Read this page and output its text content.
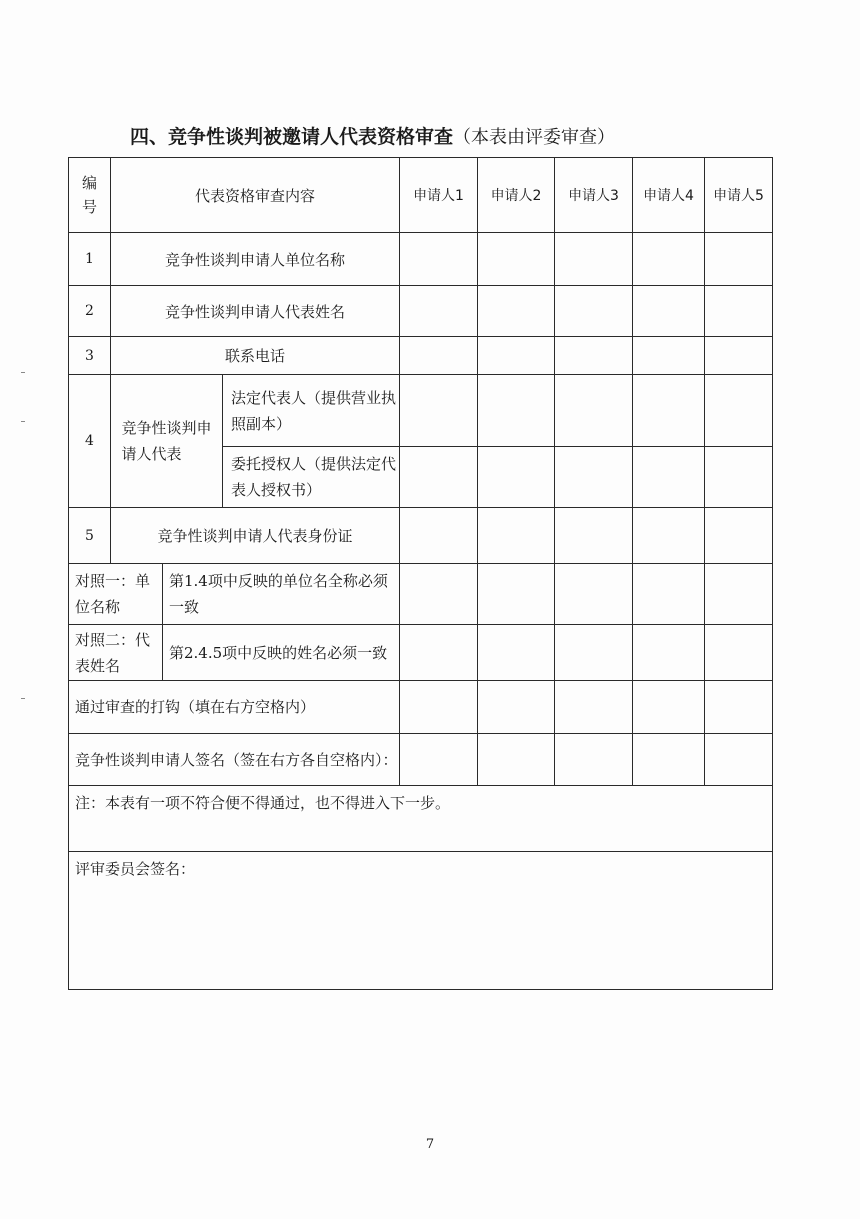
四、竞争性谈判被邀请人代表资格审查（本表由评委审查）
编号	代表资格审查内容			申请人1	申请人2	申请人3	申请人4	申请人5
1	竞争性谈判申请人单位名称							
2	竞争性谈判申请人代表姓名							
3	联系电话							
4	竞争性谈判申请人代表		法定代表人（提供营业执照副本）					
			委托授权人（提供法定代表人授权书）					
5	竞争性谈判申请人代表身份证							
对照一：单位名称		第1.4项中反映的单位名全称必须一致						
对照二：代表姓名		第2.4.5项中反映的姓名必须一致						
通过审查的打钩（填在右方空格内）								
竞争性谈判申请人签名（签在右方各自空格内）：								

注：本表有一项不符合便不得通过，也不得进入下一步。								

评审委员会签名：								
7
